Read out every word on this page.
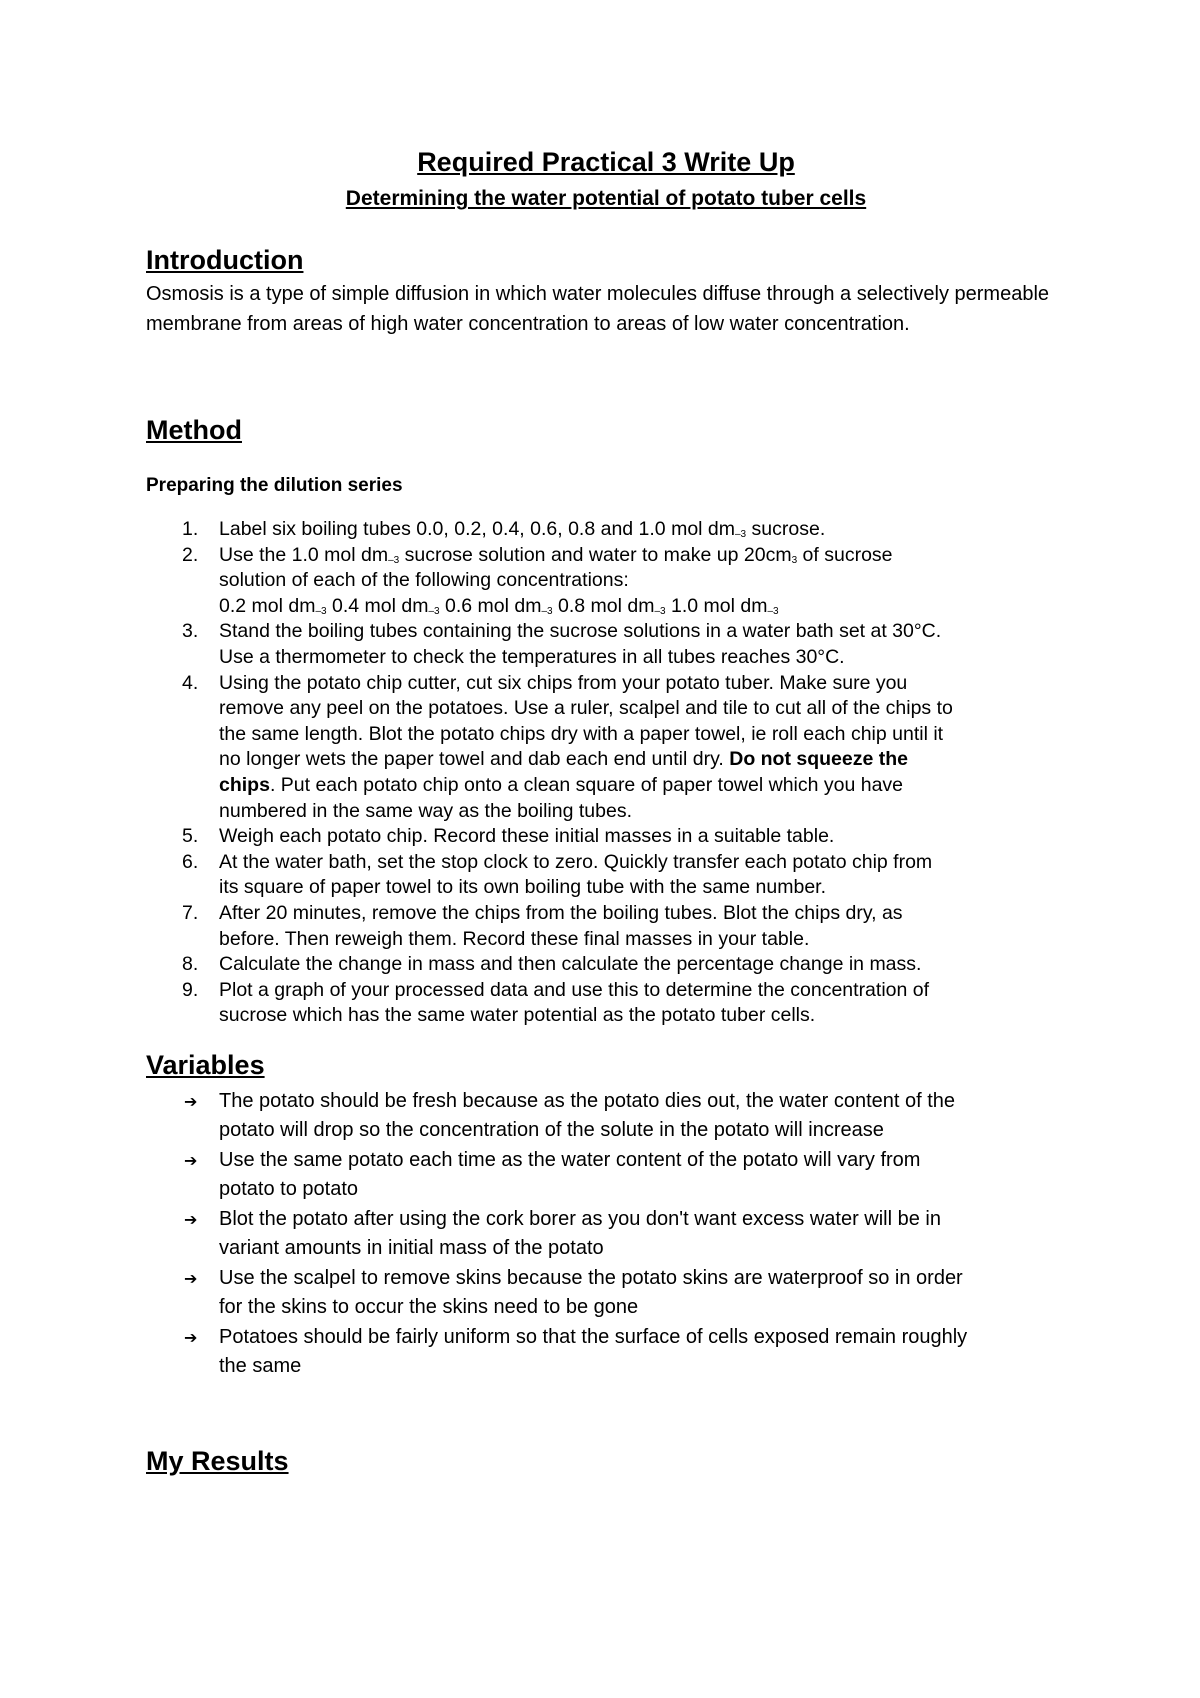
Required Practical 3 Write Up
Determining the water potential of potato tuber cells
Introduction

Osmosis is a type of simple diffusion in which water molecules diffuse through a selectively permeable membrane from areas of high water concentration to areas of low water concentration.

Method
Preparing the dilution series
1.	Label six boiling tubes 0.0, 0.2, 0.4, 0.6, 0.8 and 1.0 mol $dm^{-3}$ sucrose.
2.	Use the 1.0 mol $dm^{-3}$ sucrose solution and water to make up $20cm^3$ of sucrose
solution of each of the following concentrations:
0.2 mol $dm^{-3}$ 0.4 mol $dm^{-3}$ 0.6 mol $dm^{-3}$ 0.8 mol $dm^{-3}$ 1.0 mol $dm^{-3}$
3.	Stand the boiling tubes containing the sucrose solutions in a water bath set at 30°C.
Use a thermometer to check the temperatures in all tubes reaches 30°C.
4.	Using the potato chip cutter, cut six chips from your potato tuber. Make sure you
remove any peel on the potatoes. Use a ruler, scalpel and tile to cut all of the chips to
the same length. Blot the potato chips dry with a paper towel, ie roll each chip until it
no longer wets the paper towel and dab each end until dry. Do not squeeze the
chips. Put each potato chip onto a clean square of paper towel which you have
numbered in the same way as the boiling tubes.
5.	Weigh each potato chip. Record these initial masses in a suitable table.
6.	At the water bath, set the stop clock to zero. Quickly transfer each potato chip from
its square of paper towel to its own boiling tube with the same number.
7.	After 20 minutes, remove the chips from the boiling tubes. Blot the chips dry, as
before. Then reweigh them. Record these final masses in your table.
8.	Calculate the change in mass and then calculate the percentage change in mass.
9.	Plot a graph of your processed data and use this to determine the concentration of
sucrose which has the same water potential as the potato tuber cells.
Variables
➔ The potato should be fresh because as the potato dies out, the water content of the
potato will drop so the concentration of the solute in the potato will increase
➔ Use the same potato each time as the water content of the potato will vary from
potato to potato
➔ Blot the potato after using the cork borer as you don't want excess water will be in
variant amounts in initial mass of the potato
➔ Use the scalpel to remove skins because the potato skins are waterproof so in order
for the skins to occur the skins need to be gone
➔ Potatoes should be fairly uniform so that the surface of cells exposed remain roughly
the same
My Results
